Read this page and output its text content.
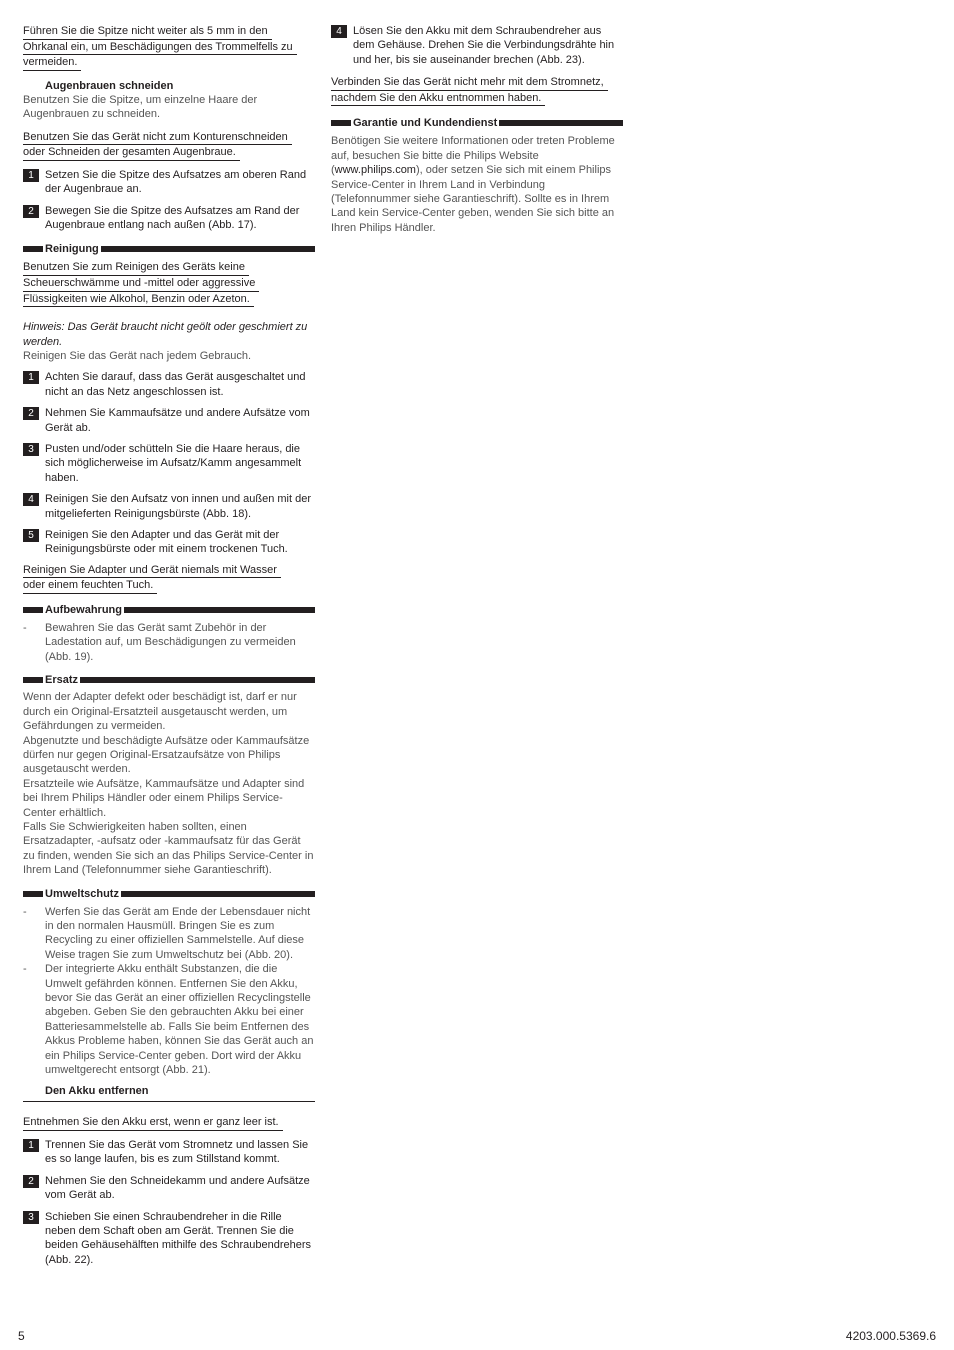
Führen Sie die Spitze nicht weiter als 5 mm in den
Ohrkanal ein, um Beschädigungen des Trommelfells zu
vermeiden.

Augenbrauen schneiden

Benutzen Sie die Spitze, um einzelne Haare der Augenbrauen zu schneiden.

Benutzen Sie das Gerät nicht zum Konturenschneiden
oder Schneiden der gesamten Augenbraue.
1	Setzen Sie die Spitze des Aufsatzes am oberen Rand der Augenbraue an.
2	Bewegen Sie die Spitze des Aufsatzes am Rand der Augenbraue entlang nach außen (Abb. 17).
Reinigung
Benutzen Sie zum Reinigen des Geräts keine
Scheuerschwämme und -mittel oder aggressive
Flüssigkeiten wie Alkohol, Benzin oder Azeton.

Hinweis: Das Gerät braucht nicht geölt oder geschmiert zu werden.

Reinigen Sie das Gerät nach jedem Gebrauch.

1	Achten Sie darauf, dass das Gerät ausgeschaltet und nicht an das Netz angeschlossen ist.
2	Nehmen Sie Kammaufsätze und andere Aufsätze vom Gerät ab.
3	Pusten und/oder schütteln Sie die Haare heraus, die sich möglicherweise im Aufsatz/Kamm angesammelt haben.
4	Reinigen Sie den Aufsatz von innen und außen mit der mitgelieferten Reinigungsbürste (Abb. 18).
5	Reinigen Sie den Adapter und das Gerät mit der Reinigungsbürste oder mit einem trockenen Tuch.
Reinigen Sie Adapter und Gerät niemals mit Wasser
oder einem feuchten Tuch.
Aufbewahrung
-	Bewahren Sie das Gerät samt Zubehör in der Ladestation auf, um Beschädigungen zu vermeiden (Abb. 19).
Ersatz

Wenn der Adapter defekt oder beschädigt ist, darf er nur durch ein Original-Ersatzteil ausgetauscht werden, um Gefährdungen zu vermeiden.

Abgenutzte und beschädigte Aufsätze oder Kammaufsätze dürfen nur gegen Original-Ersatzaufsätze von Philips ausgetauscht werden.

Ersatzteile wie Aufsätze, Kammaufsätze und Adapter sind bei Ihrem Philips Händler oder einem Philips Service-Center erhältlich.

Falls Sie Schwierigkeiten haben sollten, einen Ersatzadapter, -aufsatz oder -kammaufsatz für das Gerät zu finden, wenden Sie sich an das Philips Service-Center in Ihrem Land (Telefonnummer siehe Garantieschrift).

Umweltschutz
-	Werfen Sie das Gerät am Ende der Lebensdauer nicht in den normalen Hausmüll. Bringen Sie es zum Recycling zu einer offiziellen Sammelstelle. Auf diese Weise tragen Sie zum Umweltschutz bei (Abb. 20).
-	Der integrierte Akku enthält Substanzen, die die Umwelt gefährden können. Entfernen Sie den Akku, bevor Sie das Gerät an einer offiziellen Recyclingstelle abgeben. Geben Sie den gebrauchten Akku bei einer Batteriesammelstelle ab. Falls Sie beim Entfernen des Akkus Probleme haben, können Sie das Gerät auch an ein Philips Service-Center geben. Dort wird der Akku umweltgerecht entsorgt (Abb. 21).

Den Akku entfernen

Entnehmen Sie den Akku erst, wenn er ganz leer ist.
1	Trennen Sie das Gerät vom Stromnetz und lassen Sie es so lange laufen, bis es zum Stillstand kommt.
2	Nehmen Sie den Schneidekamm und andere Aufsätze vom Gerät ab.
3	Schieben Sie einen Schraubendreher in die Rille neben dem Schaft oben am Gerät. Trennen Sie die beiden Gehäusehälften mithilfe des Schraubendrehers (Abb. 22).
4	Lösen Sie den Akku mit dem Schraubendreher aus dem Gehäuse. Drehen Sie die Verbindungsdrähte hin und her, bis sie auseinander brechen (Abb. 23).
Verbinden Sie das Gerät nicht mehr mit dem Stromnetz,
nachdem Sie den Akku entnommen haben.
Garantie und Kundendienst

Benötigen Sie weitere Informationen oder treten Probleme auf, besuchen Sie bitte die Philips Website (www.philips.com), oder setzen Sie sich mit einem Philips Service-Center in Ihrem Land in Verbindung (Telefonnummer siehe Garantieschrift). Sollte es in Ihrem Land kein Service-Center geben, wenden Sie sich bitte an Ihren Philips Händler.

5	4203.000.5369.6
